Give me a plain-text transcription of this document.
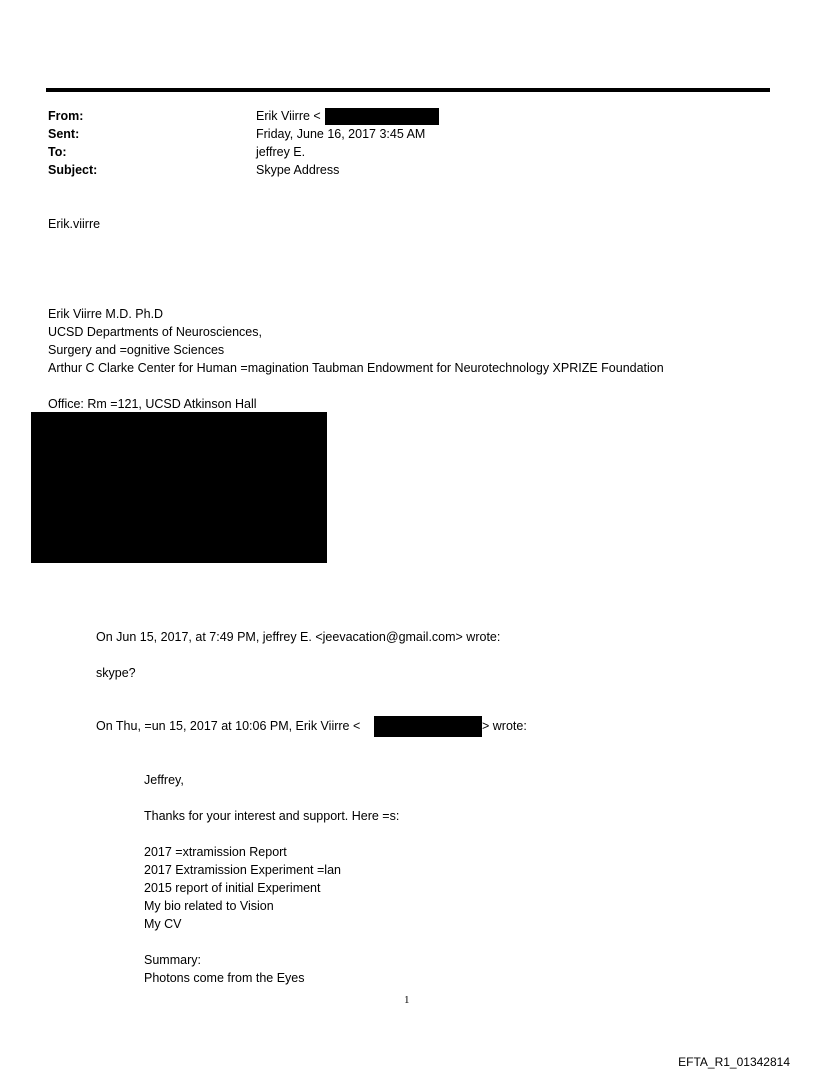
From:	Erik Viirre <
Sent:	Friday, June 16, 2017 3:45 AM
To:	jeffrey E.
Subject:	Skype Address
Erik.viirre
Erik Viirre M.D. Ph.D
UCSD Departments of Neurosciences,
Surgery and =ognitive Sciences
Arthur C Clarke Center for Human =magination Taubman Endowment for Neurotechnology XPRIZE Foundation
Office: Rm =121, UCSD Atkinson Hall
On Jun 15, 2017, at 7:49 PM, jeffrey E. <jeevacation@gmail.com> wrote:
skype?
On Thu, =un 15, 2017 at 10:06 PM, Erik Viirre <	> wrote:
Jeffrey,
Thanks for your interest and support. Here =s:
2017 =xtramission Report
2017 Extramission Experiment =lan
2015 report of initial Experiment
My bio related to Vision
My CV
Summary:
Photons come from the Eyes
1
EFTA_R1_01342814
